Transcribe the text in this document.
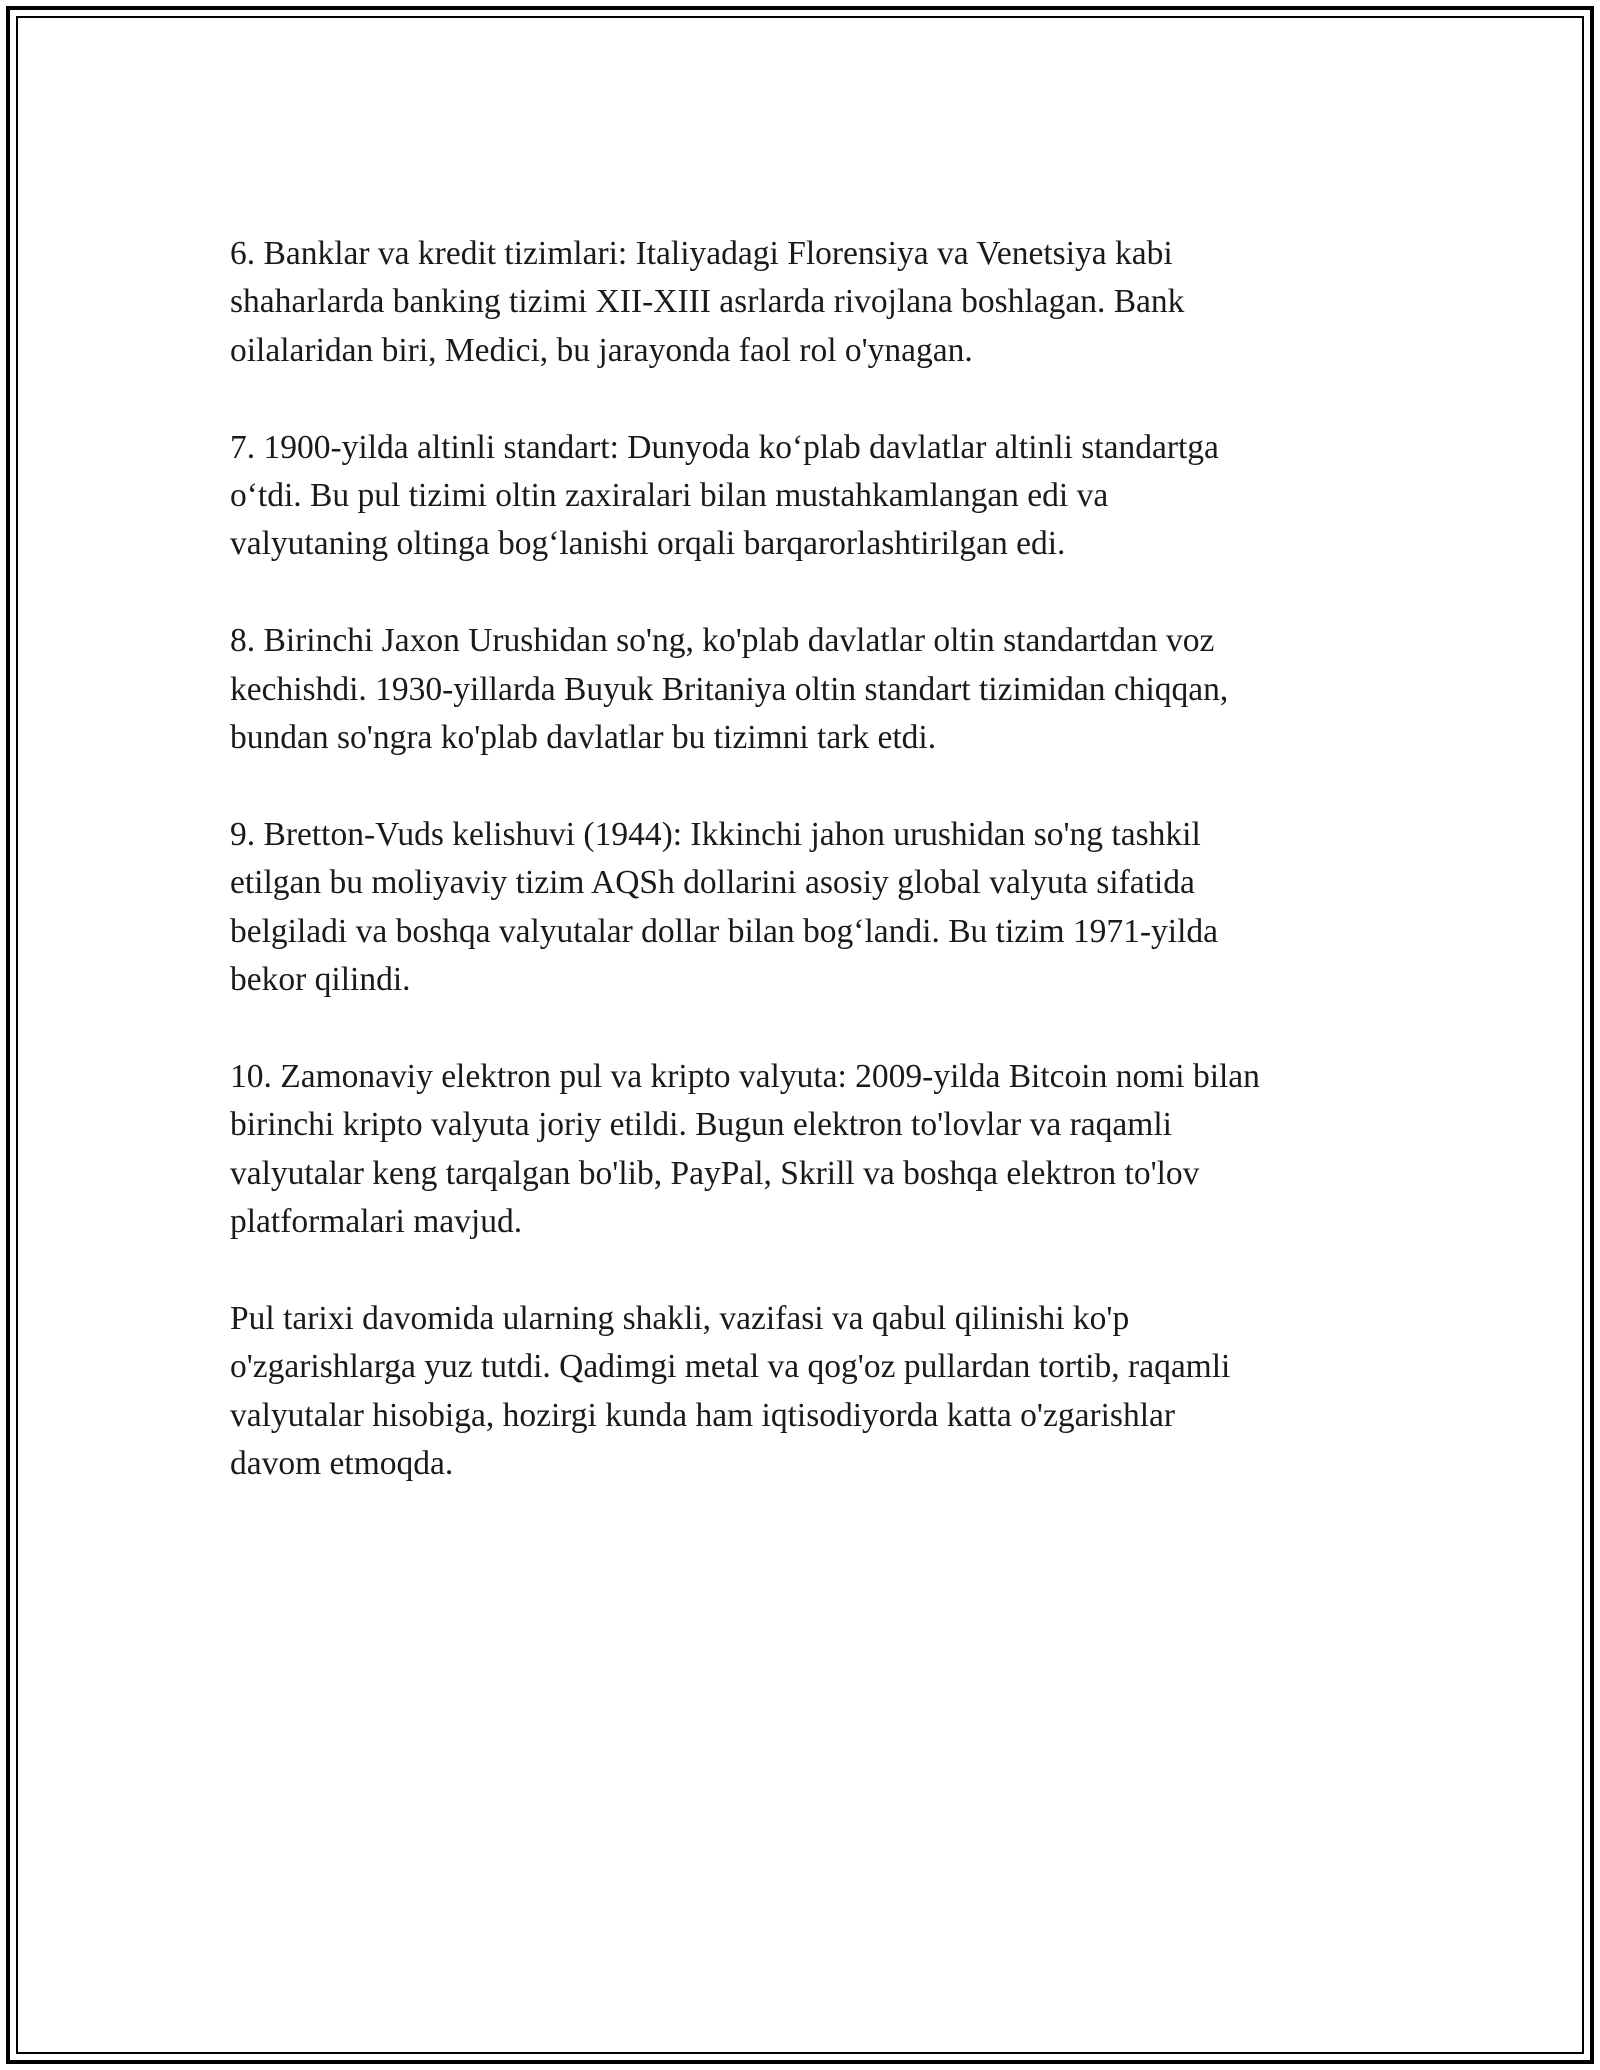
6. Banklar va kredit tizimlari: Italiyadagi Florensiya va Venetsiya kabi
shaharlarda banking tizimi XII-XIII asrlarda rivojlana boshlagan. Bank
oilalaridan biri, Medici, bu jarayonda faol rol o'ynagan.

7. 1900-yilda altinli standart: Dunyoda ko‘plab davlatlar altinli standartga
o‘tdi. Bu pul tizimi oltin zaxiralari bilan mustahkamlangan edi va
valyutaning oltinga bog‘lanishi orqali barqarorlashtirilgan edi.

8. Birinchi Jaxon Urushidan so'ng, ko'plab davlatlar oltin standartdan voz
kechishdi. 1930-yillarda Buyuk Britaniya oltin standart tizimidan chiqqan,
bundan so'ngra ko'plab davlatlar bu tizimni tark etdi.

9. Bretton-Vuds kelishuvi (1944): Ikkinchi jahon urushidan so'ng tashkil
etilgan bu moliyaviy tizim AQSh dollarini asosiy global valyuta sifatida
belgiladi va boshqa valyutalar dollar bilan bog‘landi. Bu tizim 1971-yilda
bekor qilindi.

10. Zamonaviy elektron pul va kripto valyuta: 2009-yilda Bitcoin nomi bilan
birinchi kripto valyuta joriy etildi. Bugun elektron to'lovlar va raqamli
valyutalar keng tarqalgan bo'lib, PayPal, Skrill va boshqa elektron to'lov
platformalari mavjud.

Pul tarixi davomida ularning shakli, vazifasi va qabul qilinishi ko'p
o'zgarishlarga yuz tutdi. Qadimgi metal va qog'oz pullardan tortib, raqamli
valyutalar hisobiga, hozirgi kunda ham iqtisodiyorda katta o'zgarishlar
davom etmoqda.
